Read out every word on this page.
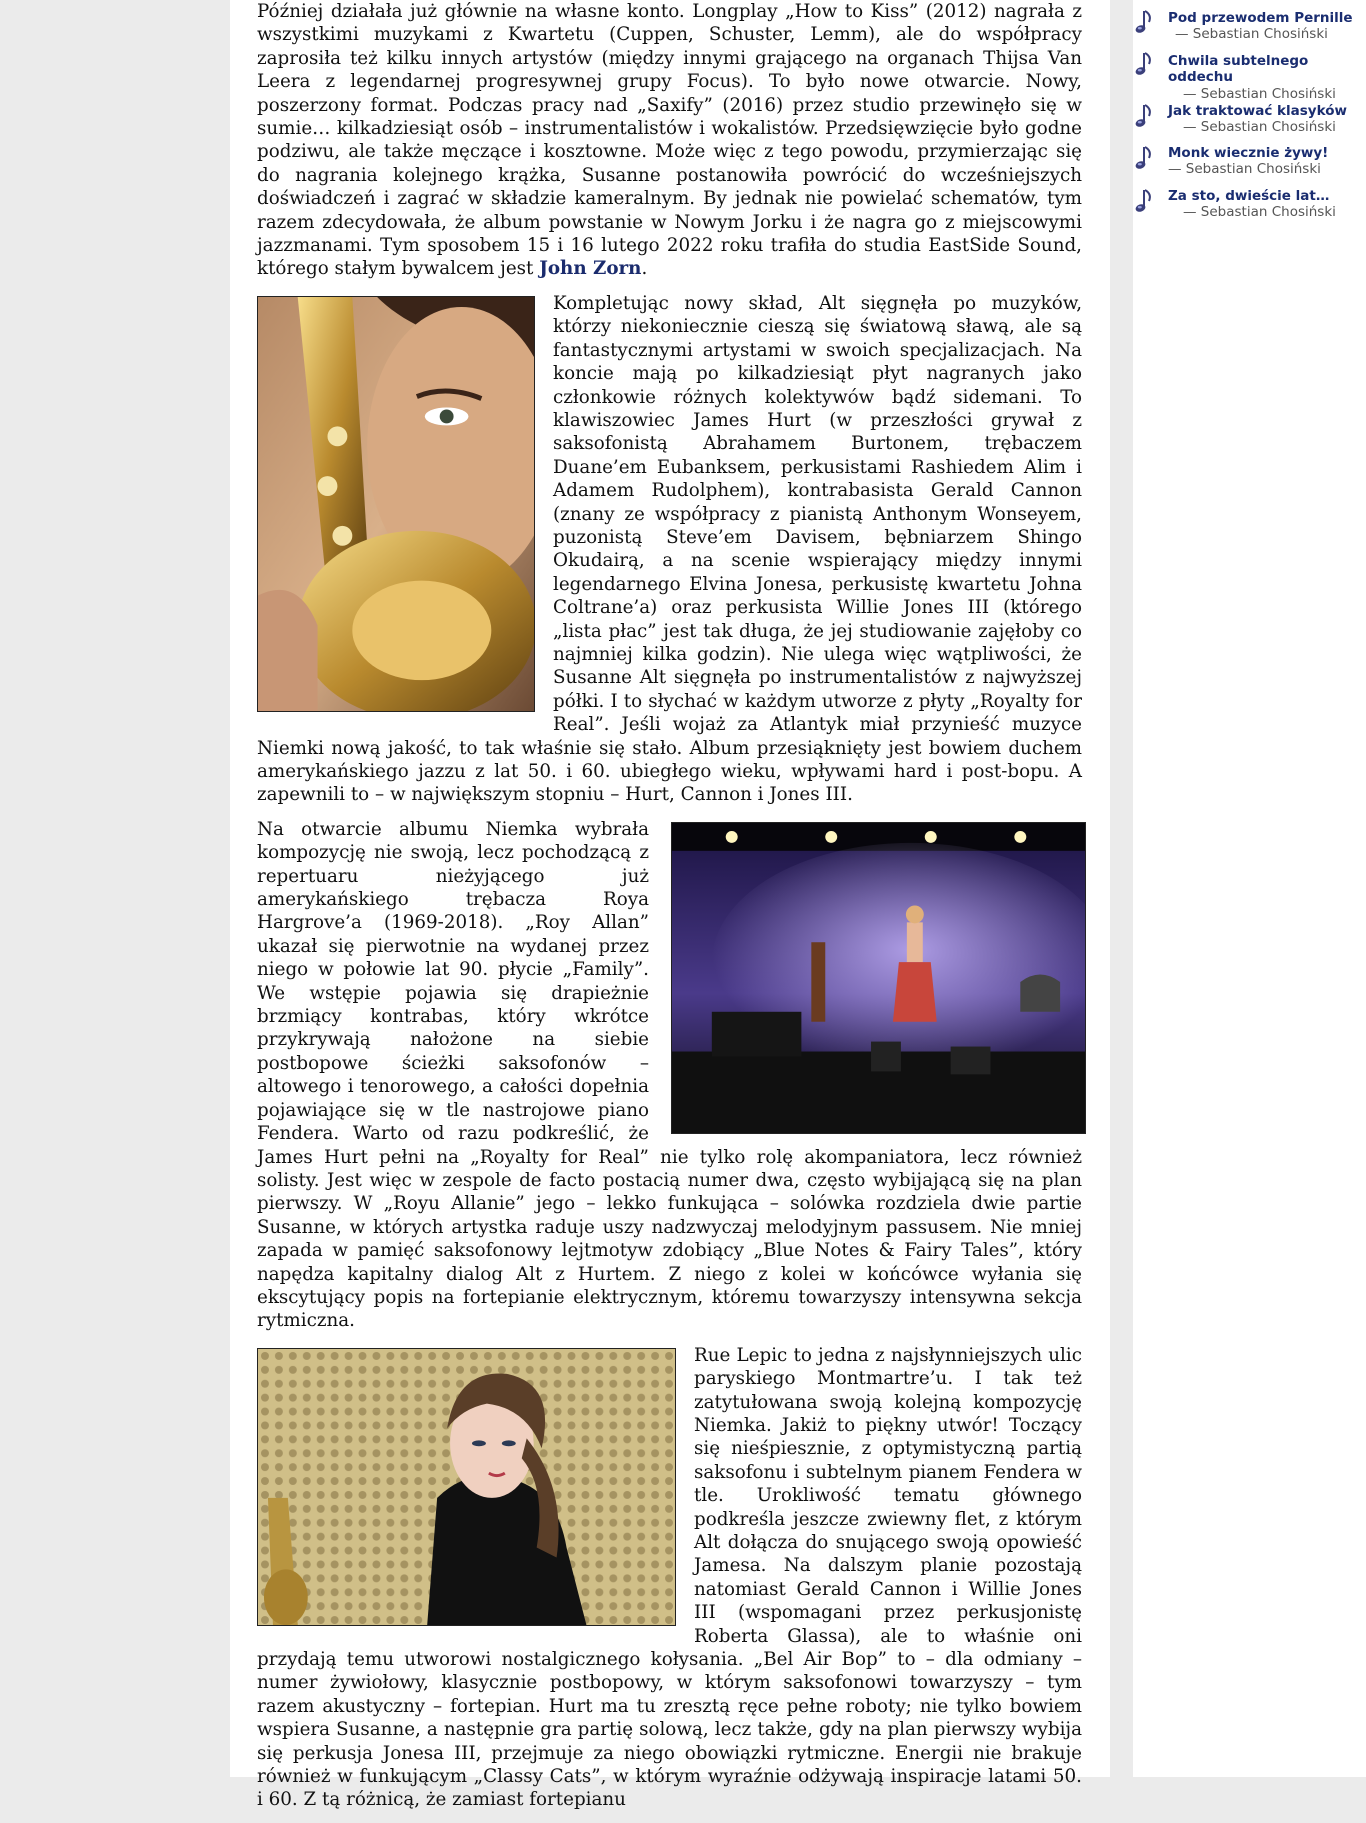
Później działała już głównie na własne konto. Longplay „How to Kiss” (2012) nagrała z wszystkimi muzykami z Kwartetu (Cuppen, Schuster, Lemm), ale do współpracy zaprosiła też kilku innych artystów (między innymi grającego na organach Thijsa Van Leera z legendarnej progresywnej grupy Focus). To było nowe otwarcie. Nowy, poszerzony format. Podczas pracy nad „Saxify” (2016) przez studio przewinęło się w sumie… kilkadziesiąt osób – instrumentalistów i wokalistów. Przedsięwzięcie było godne podziwu, ale także męczące i kosztowne. Może więc z tego powodu, przymierzając się do nagrania kolejnego krążka, Susanne postanowiła powrócić do wcześniejszych doświadczeń i zagrać w składzie kameralnym. By jednak nie powielać schematów, tym razem zdecydowała, że album powstanie w Nowym Jorku i że nagra go z miejscowymi jazzmanami. Tym sposobem 15 i 16 lutego 2022 roku trafiła do studia EastSide Sound, którego stałym bywalcem jest John Zorn.

Kompletując nowy skład, Alt sięgnęła po muzyków, którzy niekoniecznie cieszą się światową sławą, ale są fantastycznymi artystami w swoich specjalizacjach. Na koncie mają po kilkadziesiąt płyt nagranych jako członkowie różnych kolektywów bądź sidemani. To klawiszowiec James Hurt (w przeszłości grywał z saksofonistą Abrahamem Burtonem, trębaczem Duane’em Eubanksem, perkusistami Rashiedem Alim i Adamem Rudolphem), kontrabasista Gerald Cannon (znany ze współpracy z pianistą Anthonym Wonseyem, puzonistą Steve’em Davisem, bębniarzem Shingo Okudairą, a na scenie wspierający między innymi legendarnego Elvina Jonesa, perkusistę kwartetu Johna Coltrane’a) oraz perkusista Willie Jones III (którego „lista płac” jest tak długa, że jej studiowanie zajęłoby co najmniej kilka godzin). Nie ulega więc wątpliwości, że Susanne Alt sięgnęła po instrumentalistów z najwyższej półki. I to słychać w każdym utworze z płyty „Royalty for Real”. Jeśli wojaż za Atlantyk miał przynieść muzyce Niemki nową jakość, to tak właśnie się stało. Album przesiąknięty jest bowiem duchem amerykańskiego jazzu z lat 50. i 60. ubiegłego wieku, wpływami hard i post-bopu. A zapewnili to – w największym stopniu – Hurt, Cannon i Jones III.

Na otwarcie albumu Niemka wybrała kompozycję nie swoją, lecz pochodzącą z repertuaru nieżyjącego już amerykańskiego trębacza Roya Hargrove’a (1969-2018). „Roy Allan” ukazał się pierwotnie na wydanej przez niego w połowie lat 90. płycie „Family”. We wstępie pojawia się drapieżnie brzmiący kontrabas, który wkrótce przykrywają nałożone na siebie postbopowe ścieżki saksofonów – altowego i tenorowego, a całości dopełnia pojawiające się w tle nastrojowe piano Fendera. Warto od razu podkreślić, że James Hurt pełni na „Royalty for Real” nie tylko rolę akompaniatora, lecz również solisty. Jest więc w zespole de facto postacią numer dwa, często wybijającą się na plan pierwszy. W „Royu Allanie” jego – lekko funkująca – solówka rozdziela dwie partie Susanne, w których artystka raduje uszy nadzwyczaj melodyjnym passusem. Nie mniej zapada w pamięć saksofonowy lejtmotyw zdobiący „Blue Notes & Fairy Tales”, który napędza kapitalny dialog Alt z Hurtem. Z niego z kolei w końcówce wyłania się ekscytujący popis na fortepianie elektrycznym, któremu towarzyszy intensywna sekcja rytmiczna.

Rue Lepic to jedna z najsłynniejszych ulic paryskiego Montmartre’u. I tak też zatytułowana swoją kolejną kompozycję Niemka. Jakiż to piękny utwór! Toczący się nieśpiesznie, z optymistyczną partią saksofonu i subtelnym pianem Fendera w tle. Urokliwość tematu głównego podkreśla jeszcze zwiewny flet, z którym Alt dołącza do snującego swoją opowieść Jamesa. Na dalszym planie pozostają natomiast Gerald Cannon i Willie Jones III (wspomagani przez perkusjonistę Roberta Glassa), ale to właśnie oni przydają temu utworowi nostalgicznego kołysania. „Bel Air Bop” to – dla odmiany – numer żywiołowy, klasycznie postbopowy, w którym saksofonowi towarzyszy – tym razem akustyczny – fortepian. Hurt ma tu zresztą ręce pełne roboty; nie tylko bowiem wspiera Susanne, a następnie gra partię solową, lecz także, gdy na plan pierwszy wybija się perkusja Jonesa III, przejmuje za niego obowiązki rytmiczne. Energii nie brakuje również w funkującym „Classy Cats”, w którym wyraźnie odżywają inspiracje latami 50. i 60. Z tą różnicą, że zamiast fortepianu

Pod przewodem Pernille
— Sebastian Chosiński
Chwila subtelnego oddechu
— Sebastian Chosiński
Jak traktować klasyków
— Sebastian Chosiński
Monk wiecznie żywy!
— Sebastian Chosiński
Za sto, dwieście lat…
— Sebastian Chosiński
